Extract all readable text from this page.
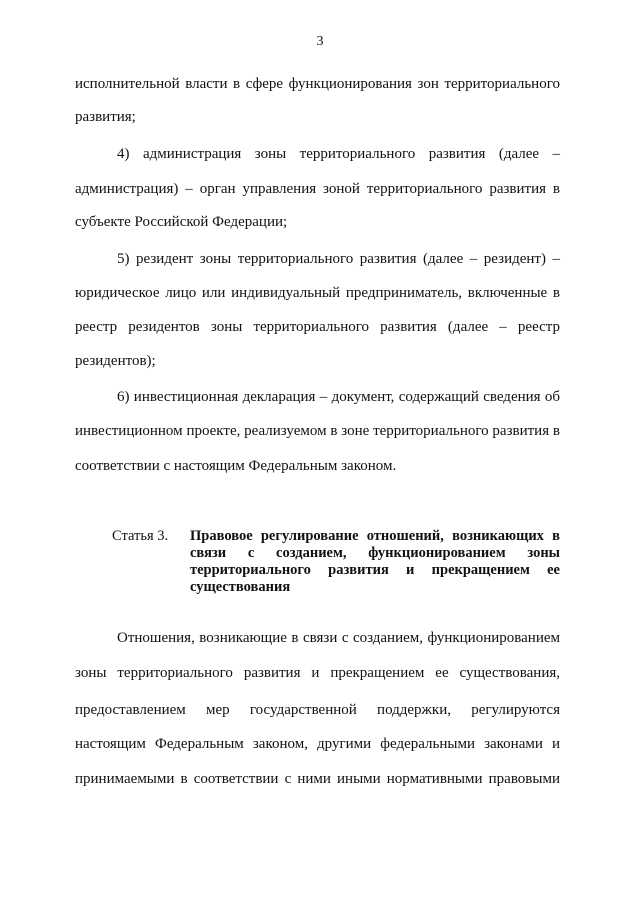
3
исполнительной власти в сфере функционирования зон территориального
развития;
4) администрация зоны территориального развития (далее –
администрация) – орган управления зоной территориального развития в
субъекте Российской Федерации;
5) резидент зоны территориального развития (далее – резидент) –
юридическое лицо или индивидуальный предприниматель, включенные в
реестр резидентов зоны территориального развития (далее – реестр
резидентов);
6) инвестиционная декларация – документ, содержащий сведения об
инвестиционном проекте, реализуемом в зоне территориального развития в
соответствии с настоящим Федеральным законом.
Статья 3. Правовое регулирование отношений, возникающих в
связи с созданием, функционированием зоны
территориального развития и прекращением ее
существования
Отношения, возникающие в связи с созданием, функционированием
зоны территориального развития и прекращением ее существования,
предоставлением мер государственной поддержки, регулируются
настоящим Федеральным законом, другими федеральными законами и
принимаемыми в соответствии с ними иными нормативными правовыми
